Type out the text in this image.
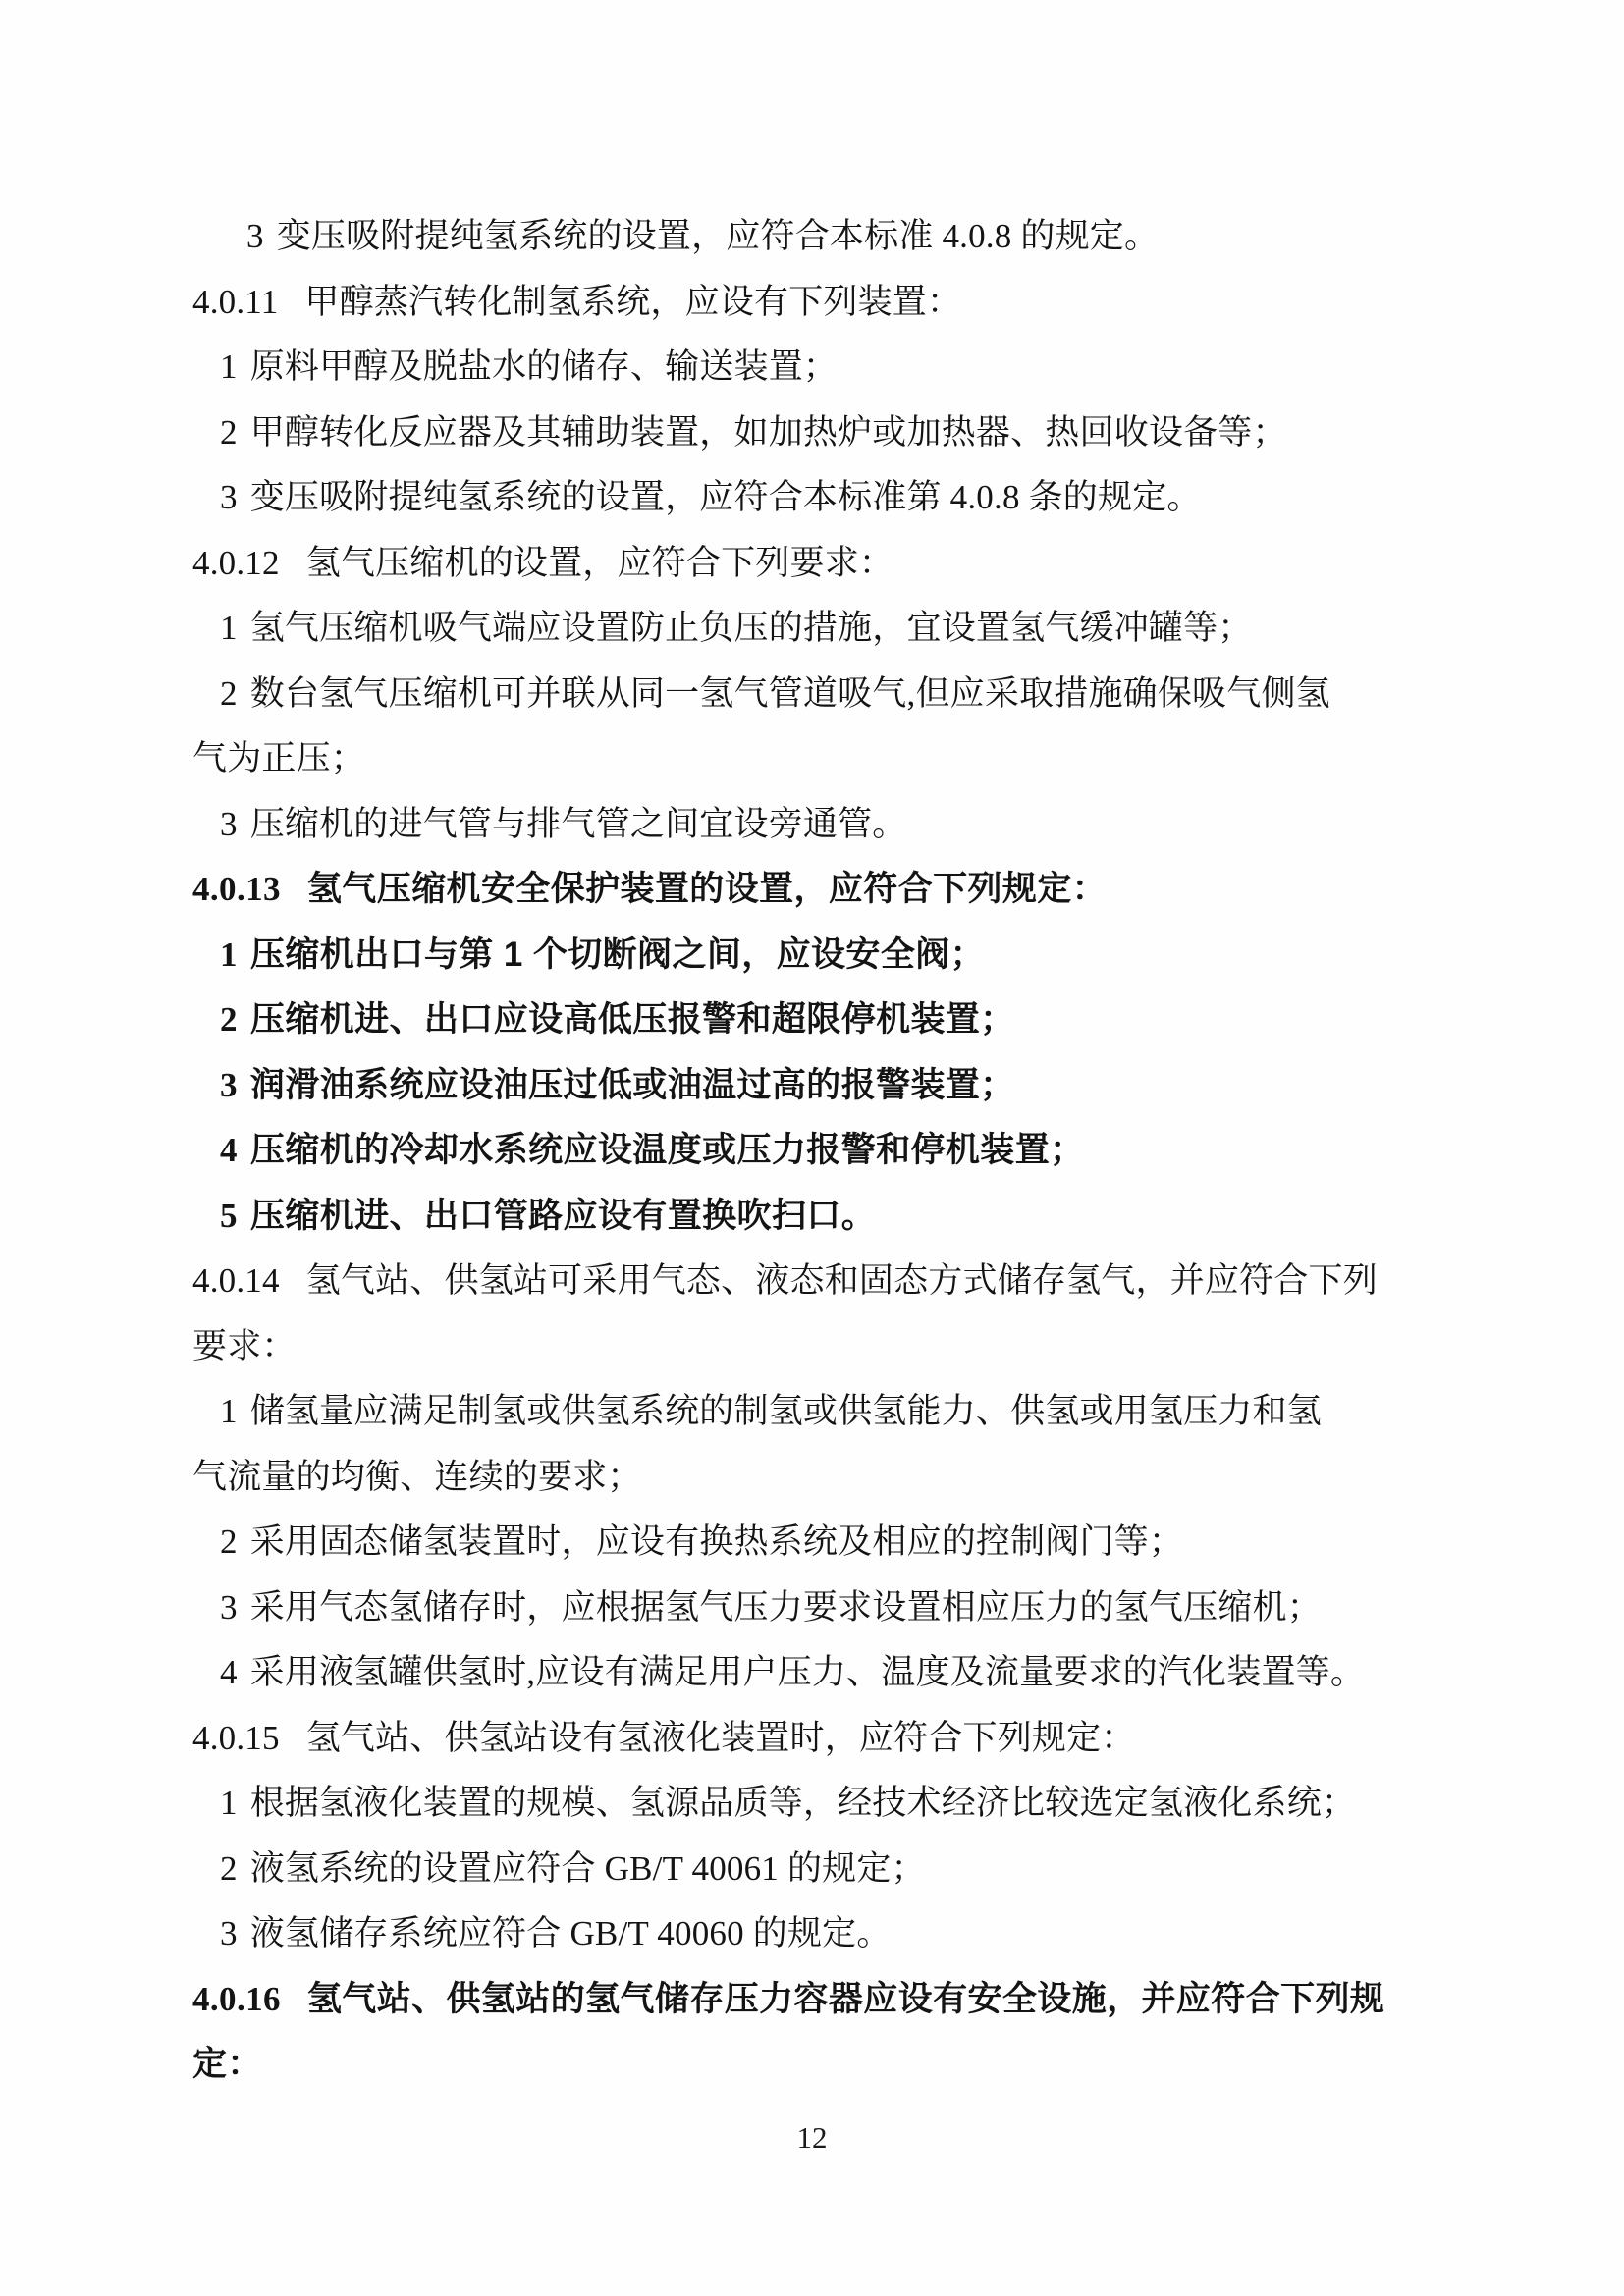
3 变压吸附提纯氢系统的设置，应符合本标准 4.0.8 的规定。
4.0.11 甲醇蒸汽转化制氢系统，应设有下列装置：
1 原料甲醇及脱盐水的储存、输送装置；
2 甲醇转化反应器及其辅助装置，如加热炉或加热器、热回收设备等；
3 变压吸附提纯氢系统的设置，应符合本标准第 4.0.8 条的规定。
4.0.12 氢气压缩机的设置，应符合下列要求：
1 氢气压缩机吸气端应设置防止负压的措施，宜设置氢气缓冲罐等；
2 数台氢气压缩机可并联从同一氢气管道吸气,但应采取措施确保吸气侧氢
气为正压；
3 压缩机的进气管与排气管之间宜设旁通管。
4.0.13 氢气压缩机安全保护装置的设置，应符合下列规定：
1 压缩机出口与第 1 个切断阀之间，应设安全阀；
2 压缩机进、出口应设高低压报警和超限停机装置；
3 润滑油系统应设油压过低或油温过高的报警装置；
4 压缩机的冷却水系统应设温度或压力报警和停机装置；
5 压缩机进、出口管路应设有置换吹扫口。
4.0.14 氢气站、供氢站可采用气态、液态和固态方式储存氢气，并应符合下列
要求：
1 储氢量应满足制氢或供氢系统的制氢或供氢能力、供氢或用氢压力和氢
气流量的均衡、连续的要求；
2 采用固态储氢装置时，应设有换热系统及相应的控制阀门等；
3 采用气态氢储存时，应根据氢气压力要求设置相应压力的氢气压缩机；
4 采用液氢罐供氢时,应设有满足用户压力、温度及流量要求的汽化装置等。
4.0.15 氢气站、供氢站设有氢液化装置时，应符合下列规定：
1 根据氢液化装置的规模、氢源品质等，经技术经济比较选定氢液化系统；
2 液氢系统的设置应符合 GB/T 40061 的规定；
3 液氢储存系统应符合 GB/T 40060 的规定。
4.0.16 氢气站、供氢站的氢气储存压力容器应设有安全设施，并应符合下列规
定：
12
